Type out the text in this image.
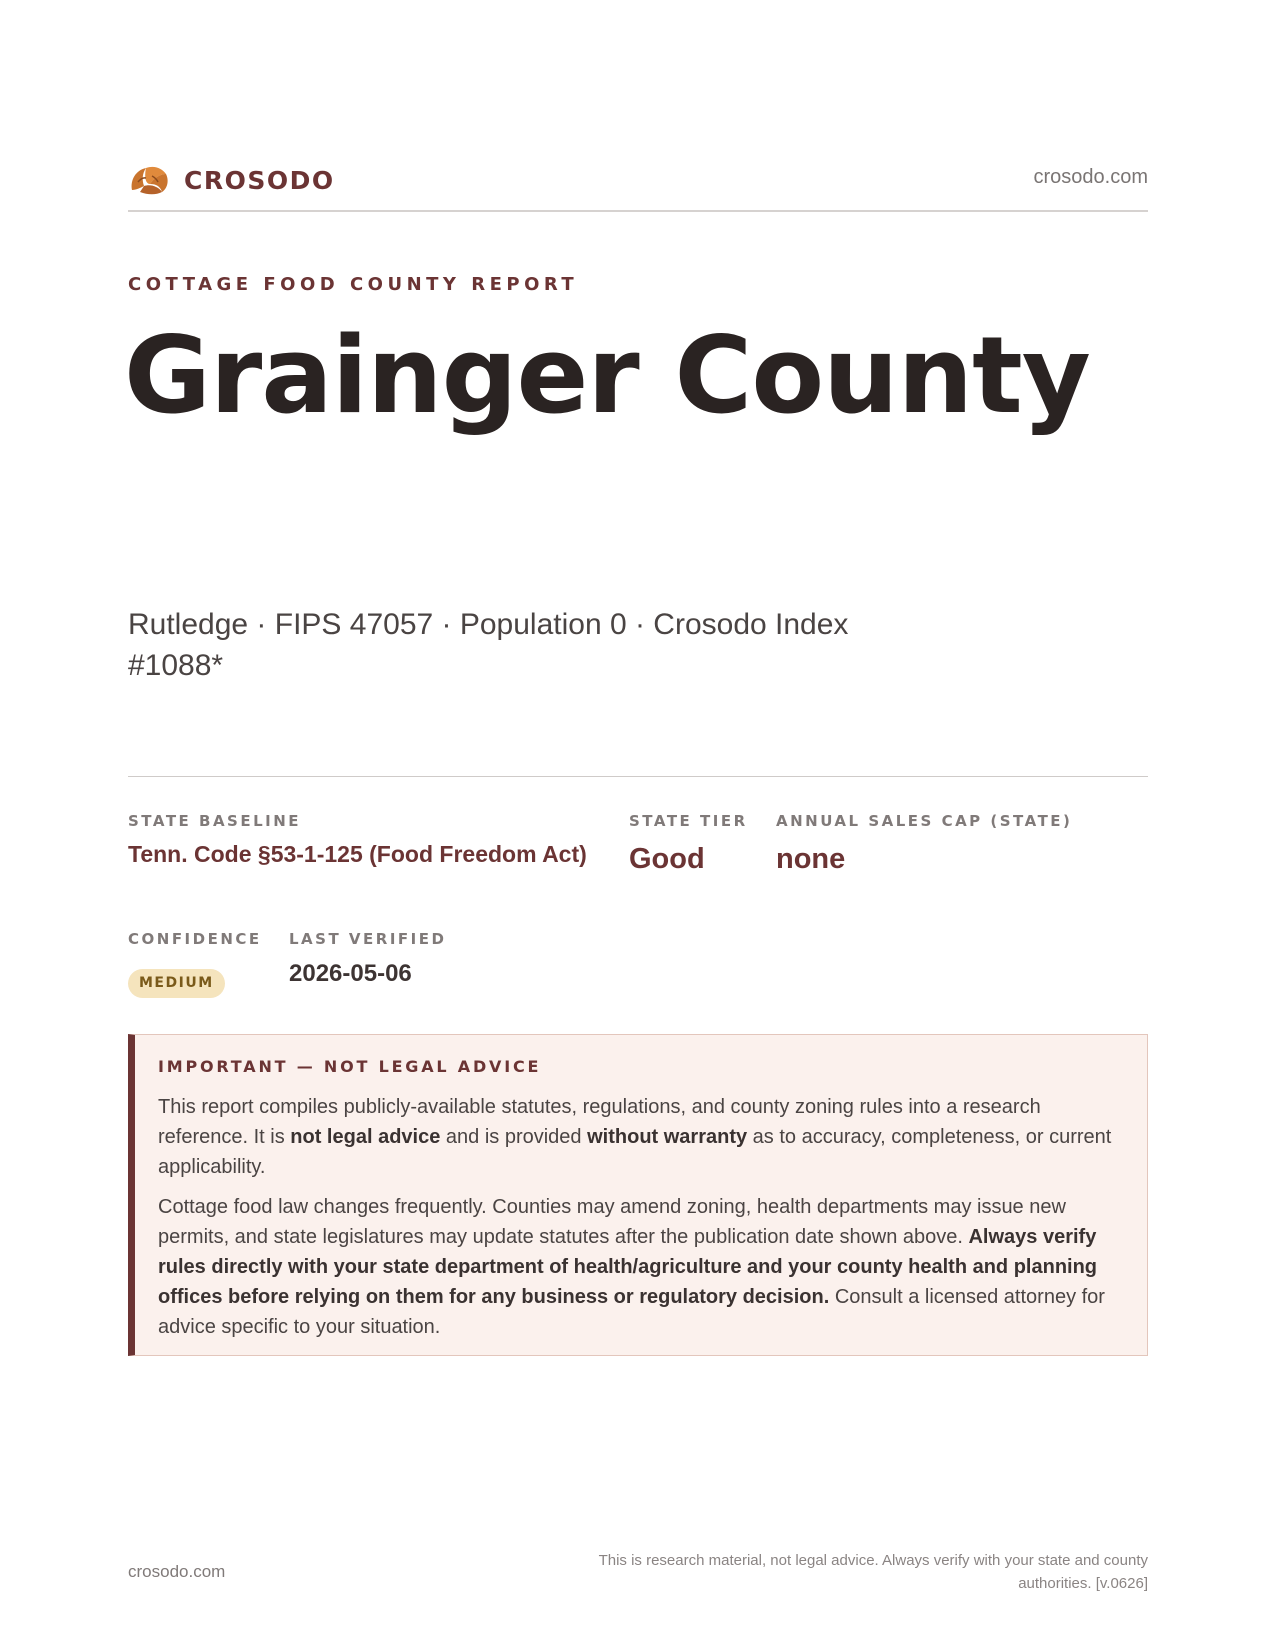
CROSODO	crosodo.com
COTTAGE FOOD COUNTY REPORT
Grainger County
Rutledge · FIPS 47057 · Population 0 · Crosodo Index #1088*
STATE BASELINE
Tenn. Code §53-1-125 (Food Freedom Act)
STATE TIER
Good
ANNUAL SALES CAP (STATE)
none
CONFIDENCE
MEDIUM
LAST VERIFIED
2026-05-06
IMPORTANT — NOT LEGAL ADVICE

This report compiles publicly-available statutes, regulations, and county zoning rules into a research reference. It is not legal advice and is provided without warranty as to accuracy, completeness, or current applicability.

Cottage food law changes frequently. Counties may amend zoning, health departments may issue new permits, and state legislatures may update statutes after the publication date shown above. Always verify rules directly with your state department of health/agriculture and your county health and planning offices before relying on them for any business or regulatory decision. Consult a licensed attorney for advice specific to your situation.

crosodo.com
This is research material, not legal advice. Always verify with your state and county authorities. [v.0626]
